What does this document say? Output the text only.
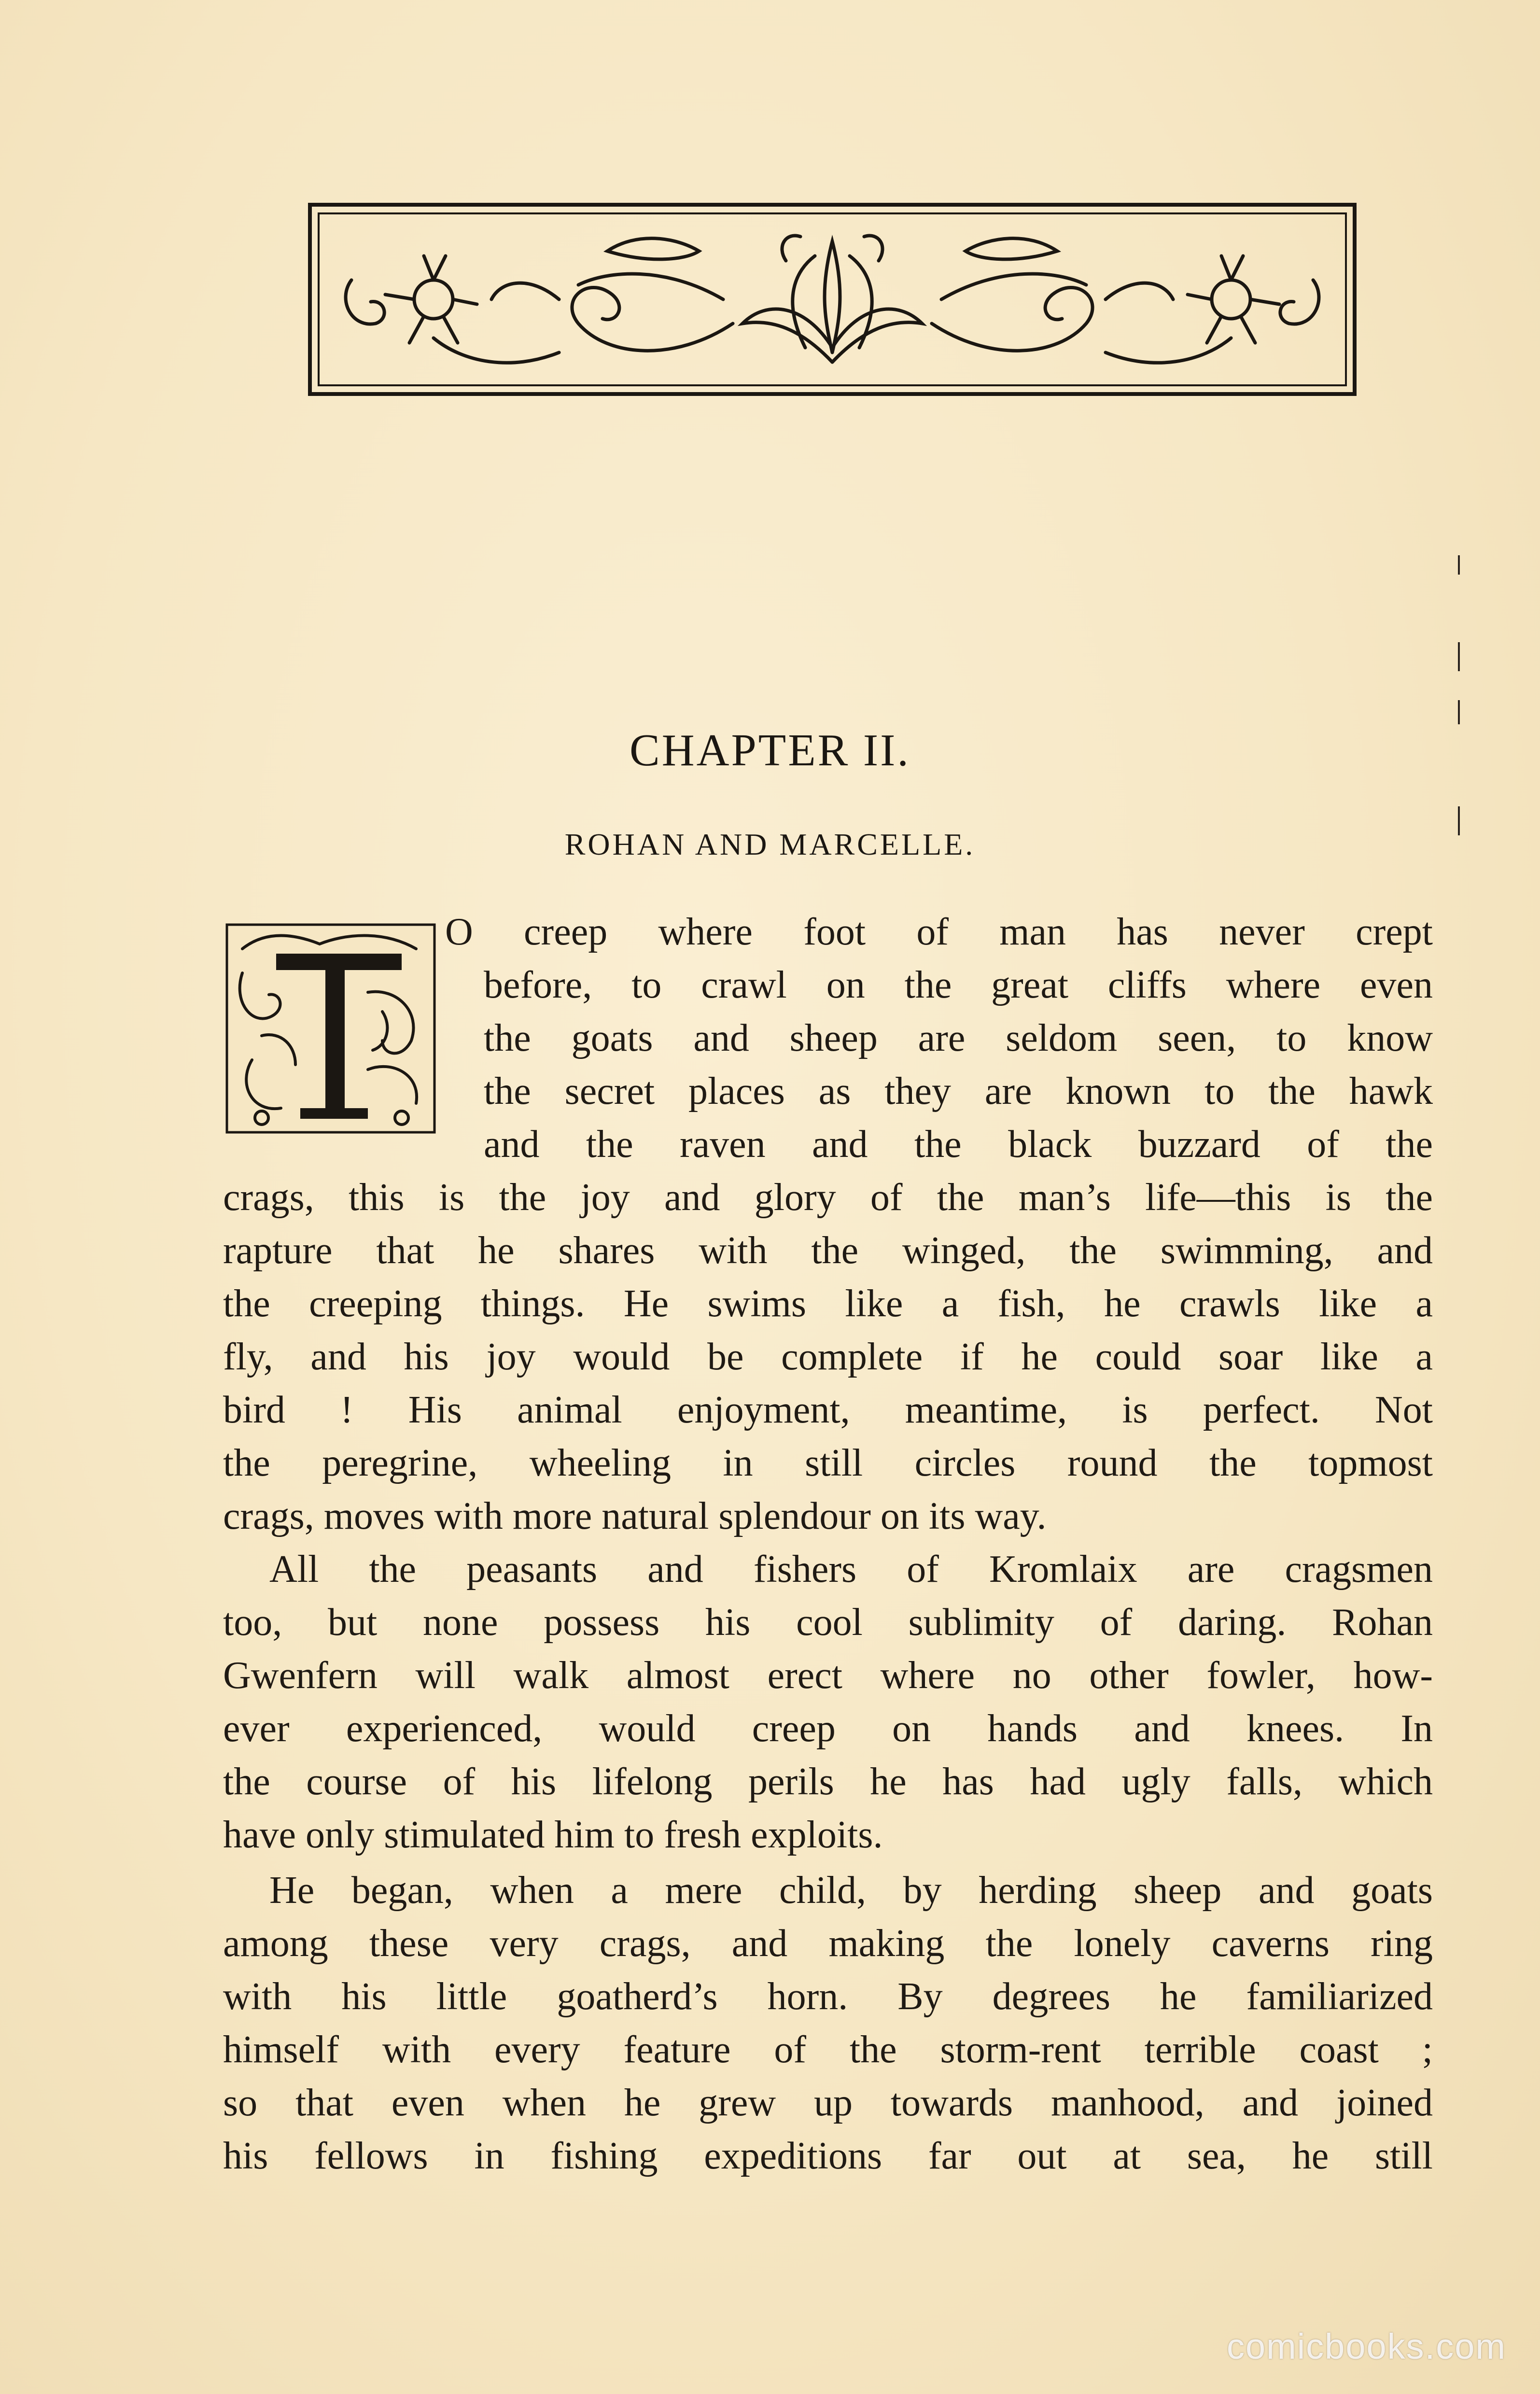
CHAPTER II.
ROHAN AND MARCELLE.
T
O creep where foot of man has never crept
before, to crawl on the great cliffs where even
the goats and sheep are seldom seen, to know
the secret places as they are known to the hawk
and the raven and the black buzzard of the
crags, this is the joy and glory of the man’s life—this is the
rapture that he shares with the winged, the swimming, and
the creeping things. He swims like a fish, he crawls like a
fly, and his joy would be complete if he could soar like a
bird ! His animal enjoyment, meantime, is perfect. Not
the peregrine, wheeling in still circles round the topmost
crags, moves with more natural splendour on its way.
All the peasants and fishers of Kromlaix are cragsmen
too, but none possess his cool sublimity of daring. Rohan
Gwenfern will walk almost erect where no other fowler, how-
ever experienced, would creep on hands and knees. In
the course of his lifelong perils he has had ugly falls, which
have only stimulated him to fresh exploits.
He began, when a mere child, by herding sheep and goats
among these very crags, and making the lonely caverns ring
with his little goatherd’s horn. By degrees he familiarized
himself with every feature of the storm-rent terrible coast ;
so that even when he grew up towards manhood, and joined
his fellows in fishing expeditions far out at sea, he still
comicbooks.com
